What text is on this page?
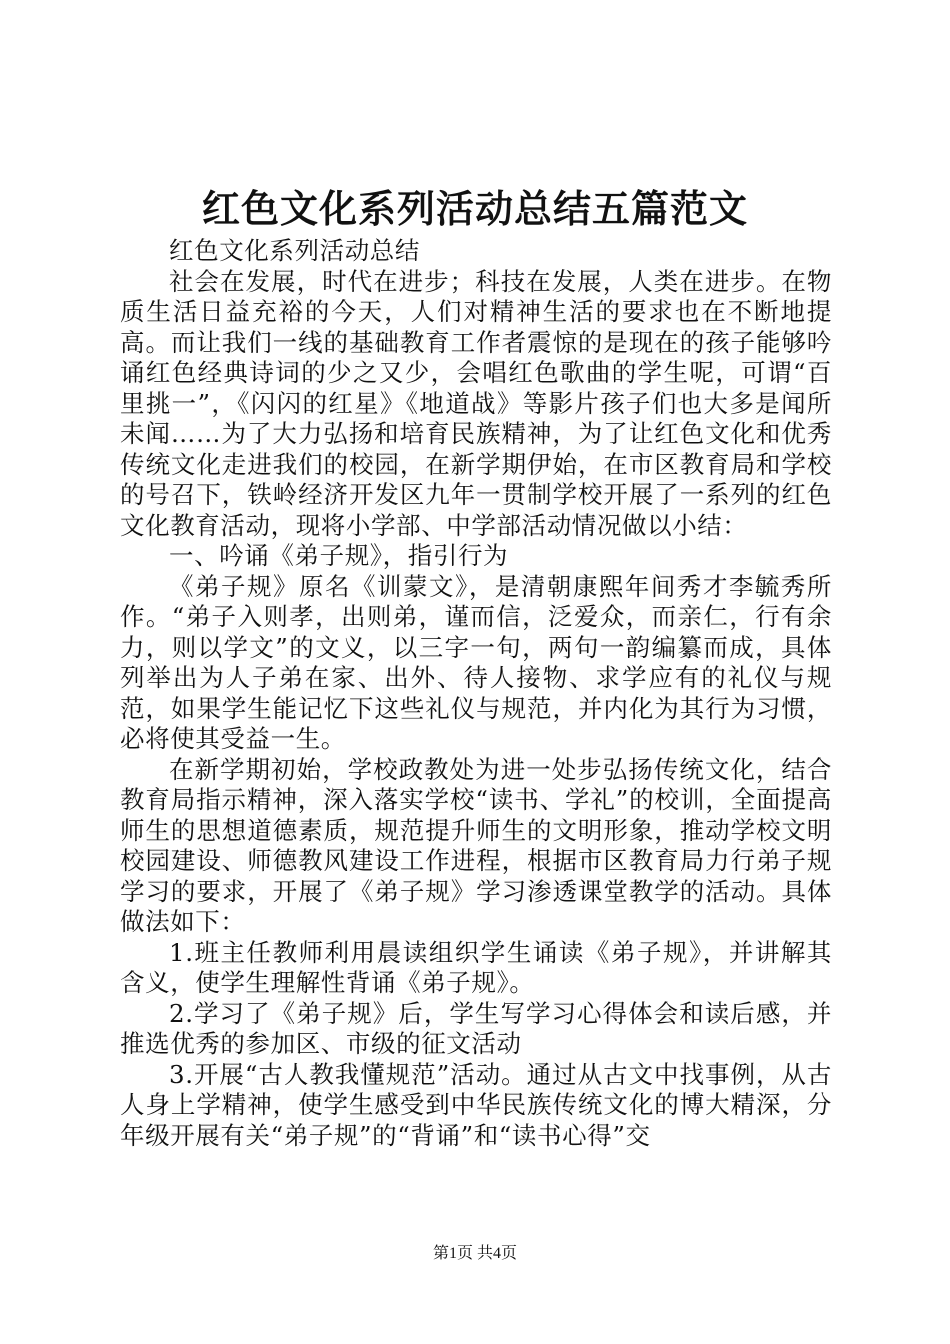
红色文化系列活动总结五篇范文

红色文化系列活动总结

社会在发展，时代在进步；科技在发展，人类在进步。在物质生活日益充裕的今天，人们对精神生活的要求也在不断地提高。而让我们一线的基础教育工作者震惊的是现在的孩子能够吟诵红色经典诗词的少之又少，会唱红色歌曲的学生呢，可谓“百里挑一”，《闪闪的红星》《地道战》等影片孩子们也大多是闻所未闻……为了大力弘扬和培育民族精神，为了让红色文化和优秀传统文化走进我们的校园，在新学期伊始，在市区教育局和学校的号召下，铁岭经济开发区九年一贯制学校开展了一系列的红色文化教育活动，现将小学部、中学部活动情况做以小结：

一、吟诵《弟子规》，指引行为

《弟子规》原名《训蒙文》，是清朝康熙年间秀才李毓秀所作。“弟子入则孝，出则弟，谨而信，泛爱众，而亲仁，行有余力，则以学文”的文义，以三字一句，两句一韵编纂而成，具体列举出为人子弟在家、出外、待人接物、求学应有的礼仪与规范，如果学生能记忆下这些礼仪与规范，并内化为其行为习惯，必将使其受益一生。

在新学期初始，学校政教处为进一处步弘扬传统文化，结合教育局指示精神，深入落实学校“读书、学礼”的校训，全面提高师生的思想道德素质，规范提升师生的文明形象，推动学校文明校园建设、师德教风建设工作进程，根据市区教育局力行弟子规学习的要求，开展了《弟子规》学习渗透课堂教学的活动。具体做法如下：

1.班主任教师利用晨读组织学生诵读《弟子规》，并讲解其含义，使学生理解性背诵《弟子规》。

2.学习了《弟子规》后，学生写学习心得体会和读后感，并推选优秀的参加区、市级的征文活动

3.开展“古人教我懂规范”活动。通过从古文中找事例，从古人身上学精神，使学生感受到中华民族传统文化的博大精深，分年级开展有关“弟子规”的“背诵”和“读书心得”交

第1页 共4页
